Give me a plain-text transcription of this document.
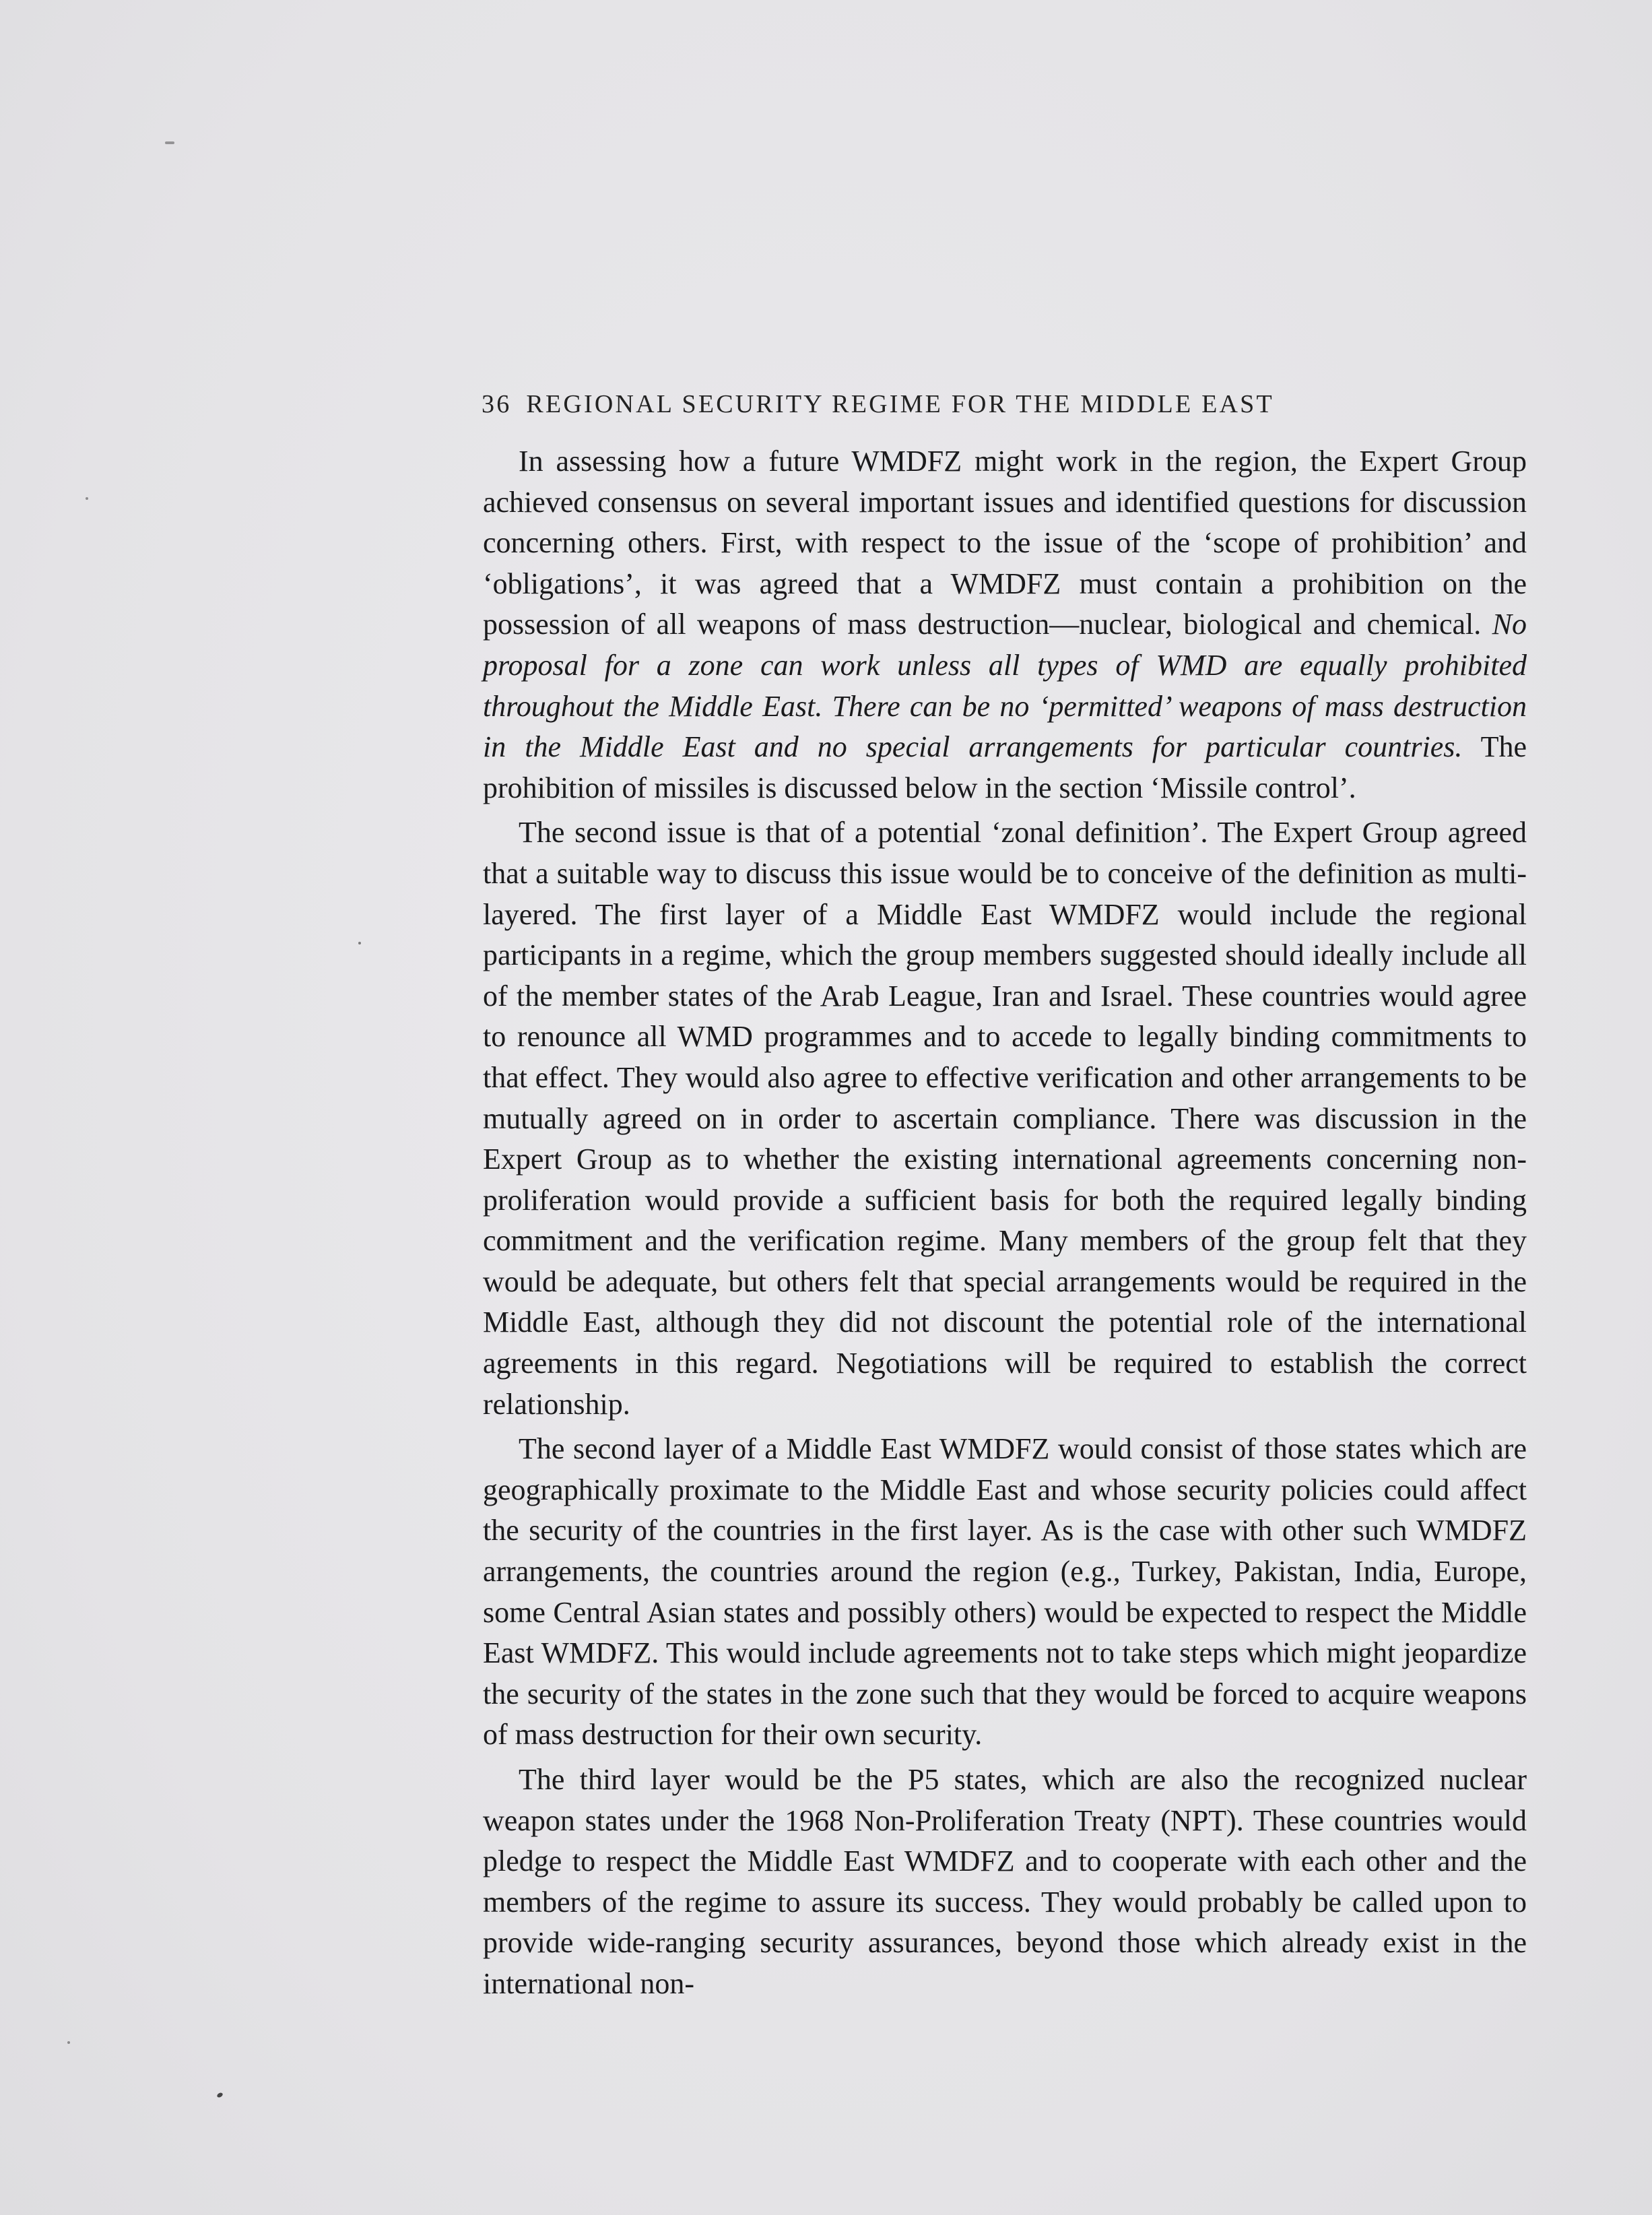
36 REGIONAL SECURITY REGIME FOR THE MIDDLE EAST

In assessing how a future WMDFZ might work in the region, the Expert Group achieved consensus on several important issues and identified questions for discussion concerning others. First, with respect to the issue of the ‘scope of prohibition’ and ‘obligations’, it was agreed that a WMDFZ must contain a prohibition on the possession of all weapons of mass destruction—nuclear, biological and chemical. No proposal for a zone can work unless all types of WMD are equally prohibited throughout the Middle East. There can be no ‘permitted’ weapons of mass destruction in the Middle East and no special arrangements for particular countries. The prohibition of missiles is discussed below in the section ‘Missile control’.

The second issue is that of a potential ‘zonal definition’. The Expert Group agreed that a suitable way to discuss this issue would be to conceive of the definition as multi-layered. The first layer of a Middle East WMDFZ would include the regional participants in a regime, which the group members suggested should ideally include all of the member states of the Arab League, Iran and Israel. These countries would agree to renounce all WMD programmes and to accede to legally binding commitments to that effect. They would also agree to effective verification and other arrangements to be mutually agreed on in order to ascertain compliance. There was discussion in the Expert Group as to whether the existing international agreements concerning non-proliferation would provide a sufficient basis for both the required legally binding commitment and the verification regime. Many members of the group felt that they would be adequate, but others felt that special arrangements would be required in the Middle East, although they did not discount the potential role of the international agreements in this regard. Negotiations will be required to establish the correct relationship.

The second layer of a Middle East WMDFZ would consist of those states which are geographically proximate to the Middle East and whose security policies could affect the security of the countries in the first layer. As is the case with other such WMDFZ arrangements, the countries around the region (e.g., Turkey, Pakistan, India, Europe, some Central Asian states and possibly others) would be expected to respect the Middle East WMDFZ. This would include agreements not to take steps which might jeopardize the security of the states in the zone such that they would be forced to acquire weapons of mass destruction for their own security.

The third layer would be the P5 states, which are also the recognized nuclear weapon states under the 1968 Non-Proliferation Treaty (NPT). These countries would pledge to respect the Middle East WMDFZ and to cooperate with each other and the members of the regime to assure its success. They would probably be called upon to provide wide-ranging security assurances, beyond those which already exist in the international non-
